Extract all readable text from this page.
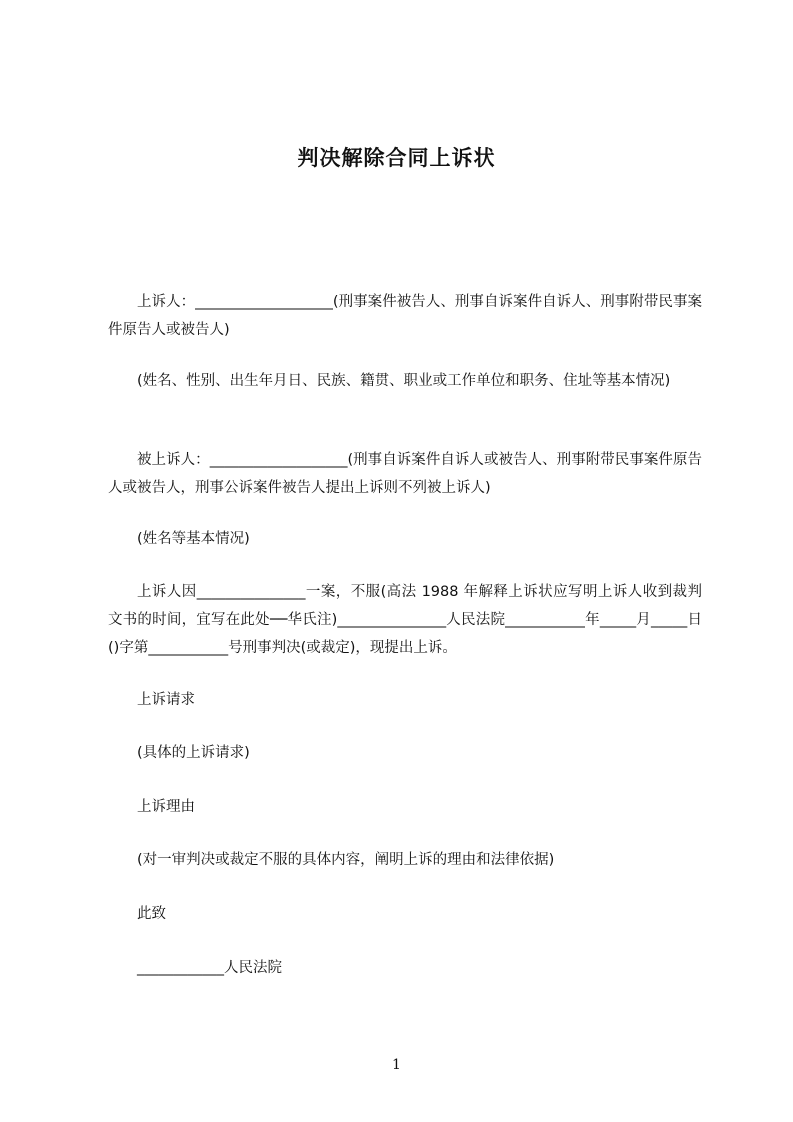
判决解除合同上诉状
上诉人：___________________(刑事案件被告人、刑事自诉案件自诉人、刑事附带民事案件原告人或被告人)
(姓名、性别、出生年月日、民族、籍贯、职业或工作单位和职务、住址等基本情况)
被上诉人：___________________(刑事自诉案件自诉人或被告人、刑事附带民事案件原告人或被告人，刑事公诉案件被告人提出上诉则不列被上诉人)
(姓名等基本情况)
上诉人因_______________一案，不服(高法 1988 年解释上诉状应写明上诉人收到裁判文书的时间，宜写在此处──华氏注)_______________人民法院___________年_____月_____日()字第___________号刑事判决(或裁定)，现提出上诉。
上诉请求
(具体的上诉请求)
上诉理由
(对一审判决或裁定不服的具体内容，阐明上诉的理由和法律依据)
此致
____________人民法院
1
